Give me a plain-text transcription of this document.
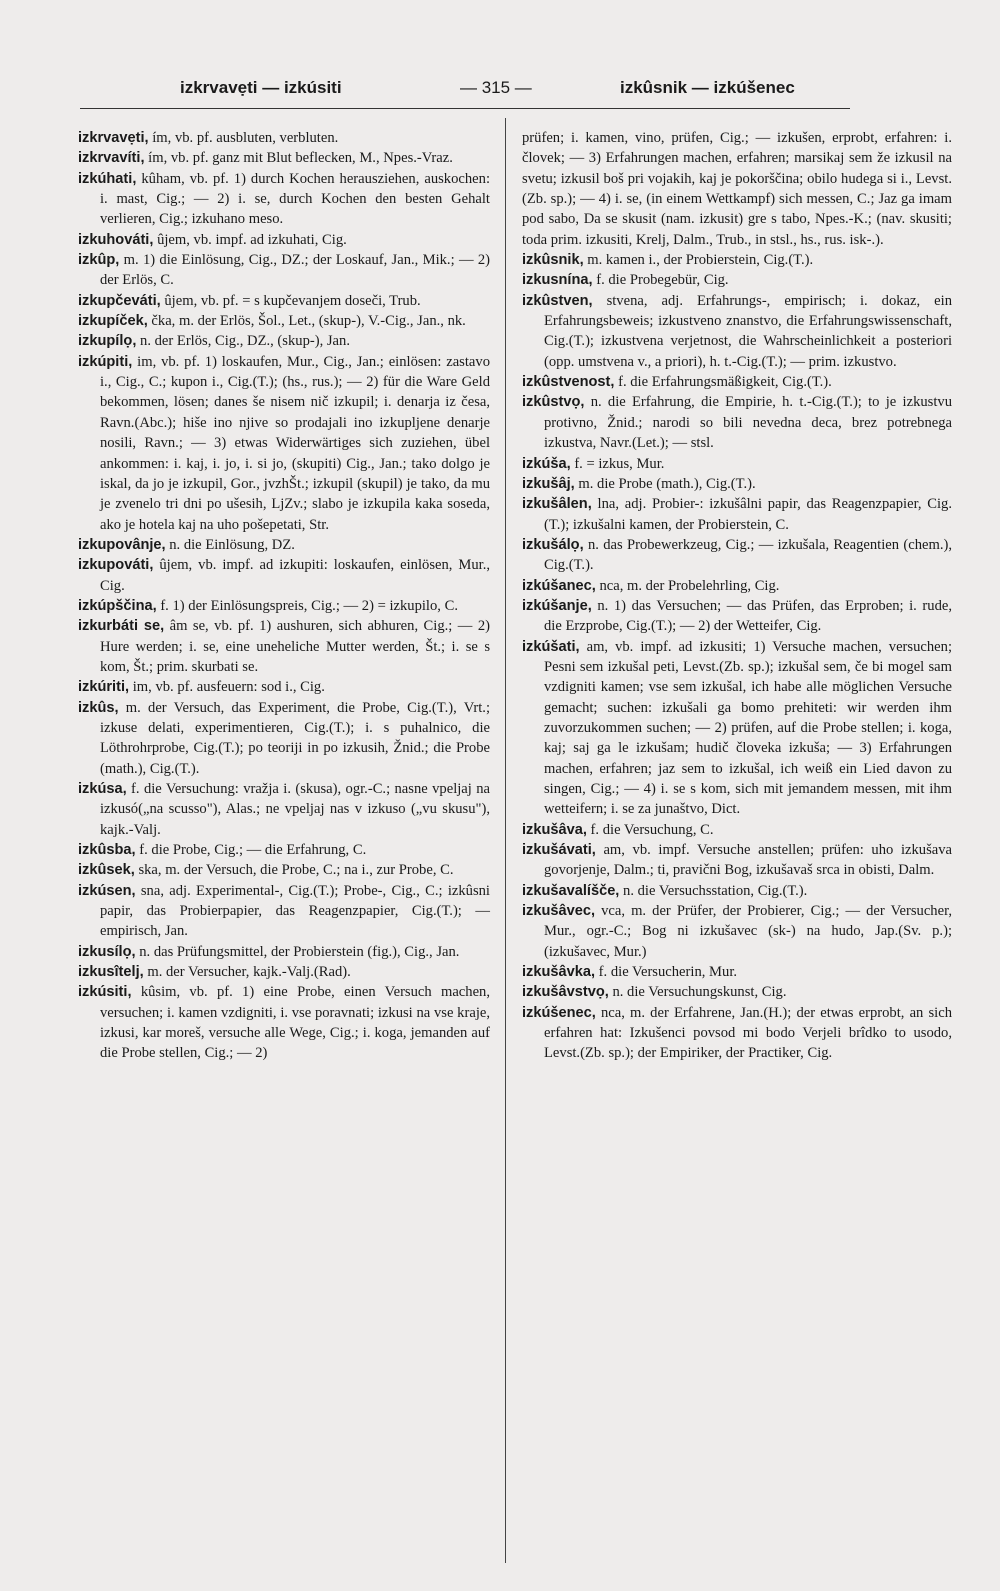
izkrvavẹti — izkúsiti	— 315 —	izkûsnik — izkúšenec

izkrvavẹti, ím, vb. pf. ausbluten, verbluten.

izkrvavíti, ím, vb. pf. ganz mit Blut beflecken, M., Npes.-Vraz.

izkúhati, kûham, vb. pf. 1) durch Kochen herausziehen, auskochen: i. mast, Cig.; — 2) i. se, durch Kochen den besten Gehalt verlieren, Cig.; izkuhano meso.

izkuhováti, ûjem, vb. impf. ad izkuhati, Cig.

izkûp, m. 1) die Einlösung, Cig., DZ.; der Loskauf, Jan., Mik.; — 2) der Erlös, C.

izkupčeváti, ûjem, vb. pf. = s kupčevanjem doseči, Trub.

izkupíček, čka, m. der Erlös, Šol., Let., (skup-), V.-Cig., Jan., nk.

izkupílọ, n. der Erlös, Cig., DZ., (skup-), Jan.

izkúpiti, im, vb. pf. 1) loskaufen, Mur., Cig., Jan.; einlösen: zastavo i., Cig., C.; kupon i., Cig.(T.); (hs., rus.); — 2) für die Ware Geld bekommen, lösen; danes še nisem nič izkupil; i. denarja iz česa, Ravn.(Abc.); hiše ino njive so prodajali ino izkupljene denarje nosili, Ravn.; — 3) etwas Widerwärtiges sich zuziehen, übel ankommen: i. kaj, i. jo, i. si jo, (skupiti) Cig., Jan.; tako dolgo je iskal, da jo je izkupil, Gor., jvzhŠt.; izkupil (skupil) je tako, da mu je zvenelo tri dni po ušesih, LjZv.; slabo je izkupila kaka soseda, ako je hotela kaj na uho pošepetati, Str.

izkupovânje, n. die Einlösung, DZ.

izkupováti, ûjem, vb. impf. ad izkupiti: loskaufen, einlösen, Mur., Cig.

izkúpščina, f. 1) der Einlösungspreis, Cig.; — 2) = izkupilo, C.

izkurbáti se, âm se, vb. pf. 1) aushuren, sich abhuren, Cig.; — 2) Hure werden; i. se, eine uneheliche Mutter werden, Št.; i. se s kom, Št.; prim. skurbati se.

izkúriti, im, vb. pf. ausfeuern: sod i., Cig.

izkûs, m. der Versuch, das Experiment, die Probe, Cig.(T.), Vrt.; izkuse delati, experimentieren, Cig.(T.); i. s puhalnico, die Löthrohrprobe, Cig.(T.); po teoriji in po izkusih, Žnid.; die Probe (math.), Cig.(T.).

izkúsa, f. die Versuchung: vražja i. (skusa), ogr.-C.; nasne vpeljaj na izkusó(„na scusso"), Alas.; ne vpeljaj nas v izkuso („vu skusu"), kajk.-Valj.

izkûsba, f. die Probe, Cig.; — die Erfahrung, C.

izkûsek, ska, m. der Versuch, die Probe, C.; na i., zur Probe, C.

izkúsen, sna, adj. Experimental-, Cig.(T.); Probe-, Cig., C.; izkûsni papir, das Probierpapier, das Reagenzpapier, Cig.(T.); — empirisch, Jan.

izkusílọ, n. das Prüfungsmittel, der Probierstein (fig.), Cig., Jan.

izkusîtelj, m. der Versucher, kajk.-Valj.(Rad).

izkúsiti, kûsim, vb. pf. 1) eine Probe, einen Versuch machen, versuchen; i. kamen vzdigniti, i. vse poravnati; izkusi na vse kraje, izkusi, kar moreš, versuche alle Wege, Cig.; i. koga, jemanden auf die Probe stellen, Cig.; — 2)

prüfen; i. kamen, vino, prüfen, Cig.; — izkušen, erprobt, erfahren: i. človek; — 3) Erfahrungen machen, erfahren; marsikaj sem že izkusil na svetu; izkusil boš pri vojakih, kaj je pokorščina; obilo hudega si i., Levst.(Zb. sp.); — 4) i. se, (in einem Wettkampf) sich messen, C.; Jaz ga imam pod sabo, Da se skusit (nam. izkusit) gre s tabo, Npes.-K.; (nav. skusiti; toda prim. izkusiti, Krelj, Dalm., Trub., in stsl., hs., rus. isk-.).

izkûsnik, m. kamen i., der Probierstein, Cig.(T.).

izkusnína, f. die Probegebür, Cig.

izkûstven, stvena, adj. Erfahrungs-, empirisch; i. dokaz, ein Erfahrungsbeweis; izkustveno znanstvo, die Erfahrungswissenschaft, Cig.(T.); izkustvena verjetnost, die Wahrscheinlichkeit a posteriori (opp. umstvena v., a priori), h. t.-Cig.(T.); — prim. izkustvo.

izkûstvenost, f. die Erfahrungsmäßigkeit, Cig.(T.).

izkûstvọ, n. die Erfahrung, die Empirie, h. t.-Cig.(T.); to je izkustvu protivno, Žnid.; narodi so bili nevedna deca, brez potrebnega izkustva, Navr.(Let.); — stsl.

izkúša, f. = izkus, Mur.

izkušâj, m. die Probe (math.), Cig.(T.).

izkušâlen, lna, adj. Probier-: izkušâlni papir, das Reagenzpapier, Cig.(T.); izkušalni kamen, der Probierstein, C.

izkušálọ, n. das Probewerkzeug, Cig.; — izkušala, Reagentien (chem.), Cig.(T.).

izkúšanec, nca, m. der Probelehrling, Cig.

izkúšanje, n. 1) das Versuchen; — das Prüfen, das Erproben; i. rude, die Erzprobe, Cig.(T.); — 2) der Wetteifer, Cig.

izkúšati, am, vb. impf. ad izkusiti; 1) Versuche machen, versuchen; Pesni sem izkušal peti, Levst.(Zb. sp.); izkušal sem, če bi mogel sam vzdigniti kamen; vse sem izkušal, ich habe alle möglichen Versuche gemacht; suchen: izkušali ga bomo prehiteti: wir werden ihm zuvorzukommen suchen; — 2) prüfen, auf die Probe stellen; i. koga, kaj; saj ga le izkušam; hudič človeka izkuša; — 3) Erfahrungen machen, erfahren; jaz sem to izkušal, ich weiß ein Lied davon zu singen, Cig.; — 4) i. se s kom, sich mit jemandem messen, mit ihm wetteifern; i. se za junaštvo, Dict.

izkušâva, f. die Versuchung, C.

izkušávati, am, vb. impf. Versuche anstellen; prüfen: uho izkušava govorjenje, Dalm.; ti, pravični Bog, izkušavaš srca in obisti, Dalm.

izkušavalíšče, n. die Versuchsstation, Cig.(T.).

izkušâvec, vca, m. der Prüfer, der Probierer, Cig.; — der Versucher, Mur., ogr.-C.; Bog ni izkušavec (sk-) na hudo, Jap.(Sv. p.); (izkušavec, Mur.)

izkušâvka, f. die Versucherin, Mur.

izkušâvstvọ, n. die Versuchungskunst, Cig.

izkúšenec, nca, m. der Erfahrene, Jan.(H.); der etwas erprobt, an sich erfahren hat: Izkušenci povsod mi bodo Verjeli brîdko to usodo, Levst.(Zb. sp.); der Empiriker, der Practiker, Cig.
